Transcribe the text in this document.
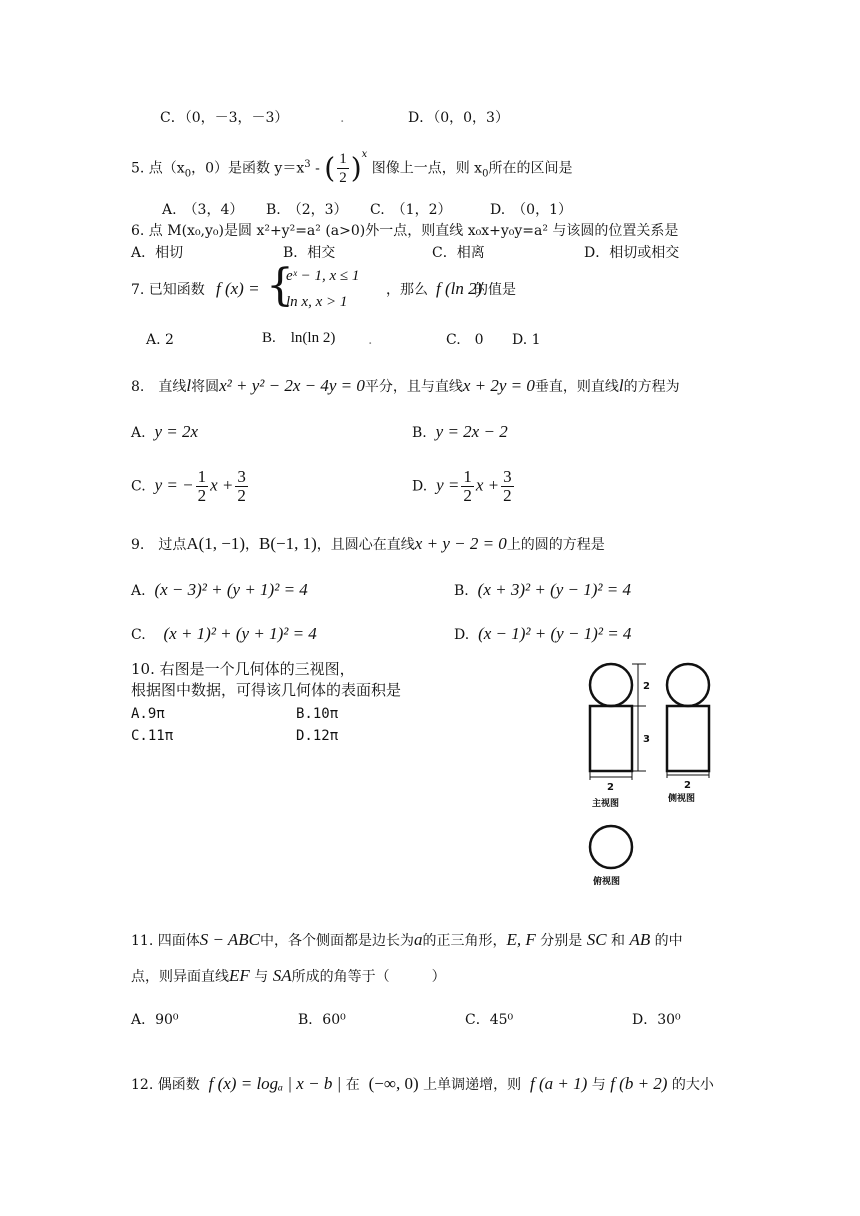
C．（0，－3，－3）	.	D．（0，0，3）
5. 点（$x_0$，0）是函数 $y=x^3$ - ( $\frac{1}{2} )^x$ 图像上一点，则 $x_0$所在的区间是
A.　（3，4） B.　（2，3） C.　（1，2）	D.　（0，1）
6. 点 M(x₀,y₀)是圆 x²+y²=a² (a>0)外一点，则直线 x₀x+y₀y=a² 与该圆的位置关系是
A．相切	B．相交	C．相离	D．相切或相交
7. 已知函数 f (x) = {
eˣ − 1, x ≤ 1
ln x, x > 1
，那么 f (ln 2)
的值是
A. 2	B.　ln(ln 2) .	C.　0 D. 1
8.　直线l将圆x² + y² − 2x − 4y = 0平分，且与直线x + 2y = 0垂直，则直线l的方程为
A. y = 2x	B. y = 2x − 2
C. y = − $\frac{1}{2}$ $x + \frac{3}{2}$	D. $y = \frac{1}{2}$ $x + \frac{3}{2}$
9.　过点A(1, −1)，B(−1, 1)，且圆心在直线x + y − 2 = 0上的圆的方程是
A. (x − 3)² + (y + 1)² = 4	B. (x + 3)² + (y − 1)² = 4
C. (x + 1)² + (y + 1)² = 4	D. (x − 1)² + (y − 1)² = 4
10. 右图是一个几何体的三视图，
根据图中数据，可得该几何体的表面积是
A.9π	B.10π
C.11π	D.12π
2
3
2
主视图
2
侧视图
俯视图
11. 四面体S − ABC中，各个侧面都是边长为a的正三角形，E, F 分别是 SC 和 AB 的中
点，则异面直线EF 与 SA所成的角等于（　　　）
A．90⁰	B．60⁰	C．45⁰	D．30⁰
12. 偶函数 f (x) = logₐ | x − b | 在 (−∞, 0) 上单调递增，则 f (a + 1) 与 f (b + 2) 的大小
